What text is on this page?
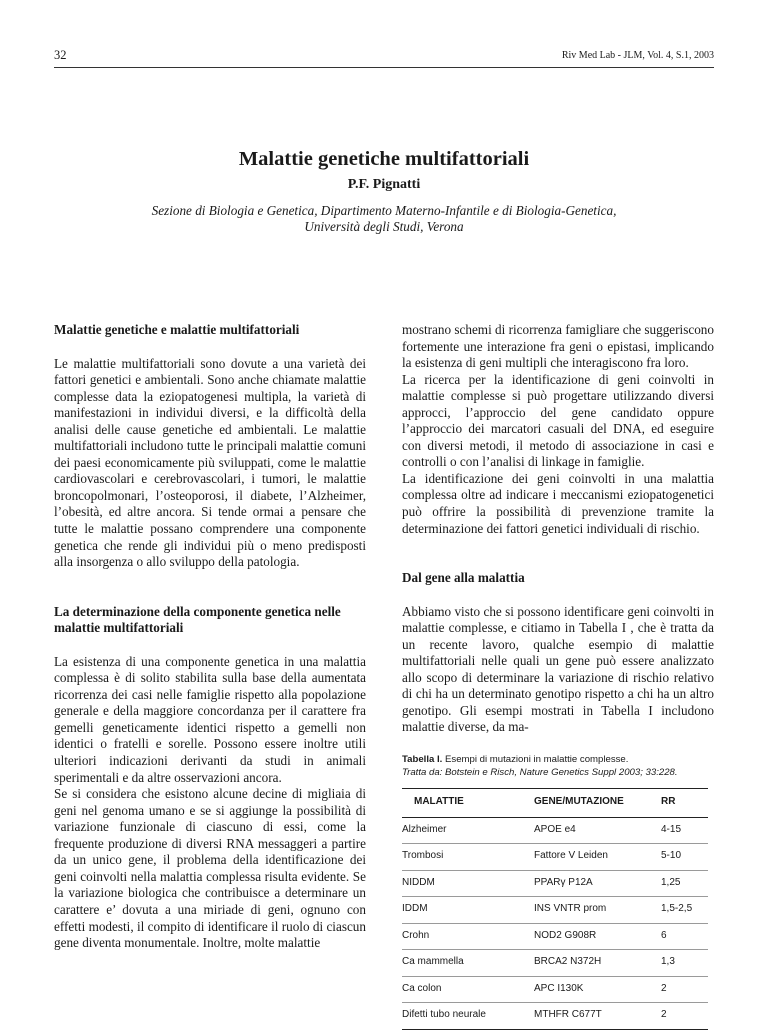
32	Riv Med Lab - JLM, Vol. 4, S.1, 2003
Malattie genetiche multifattoriali
P.F. Pignatti
Sezione di Biologia e Genetica, Dipartimento Materno-Infantile e di Biologia-Genetica,
Università degli Studi, Verona
Malattie genetiche e malattie multifattoriali

Le malattie multifattoriali sono dovute a una varietà dei fattori genetici e ambientali. Sono anche chiamate malattie complesse data la eziopatogenesi multipla, la varietà di manifestazioni in individui diversi, e la difficoltà della analisi delle cause genetiche ed ambientali. Le malattie multifattoriali includono tutte le principali malattie comuni dei paesi economicamente più sviluppati, come le malattie cardiovascolari e cerebrovascolari, i tumori, le malattie broncopolmonari, l’osteoporosi, il diabete, l’Alzheimer, l’obesità, ed altre ancora. Si tende ormai a pensare che tutte le malattie possano comprendere una componente genetica che rende gli individui più o meno predisposti alla insorgenza o allo sviluppo della patologia.

La determinazione della componente genetica nelle malattie multifattoriali

La esistenza di una componente genetica in una malattia complessa è di solito stabilita sulla base della aumentata ricorrenza dei casi nelle famiglie rispetto alla popolazione generale e della maggiore concordanza per il carattere fra gemelli geneticamente identici rispetto a gemelli non identici o fratelli e sorelle. Possono essere inoltre utili ulteriori indicazioni derivanti da studi in animali sperimentali e da altre osservazioni ancora.

Se si considera che esistono alcune decine di migliaia di geni nel genoma umano e se si aggiunge la possibilità di variazione funzionale di ciascuno di essi, come la frequente produzione di diversi RNA messaggeri a partire da un unico gene, il problema della identificazione dei geni coinvolti nella malattia complessa risulta evidente. Se la variazione biologica che contribuisce a determinare un carattere e’ dovuta a una miriade di geni, ognuno con effetti modesti, il compito di identificare il ruolo di ciascun gene diventa monumentale. Inoltre, molte malattie

mostrano schemi di ricorrenza famigliare che suggeriscono fortemente une interazione fra geni o epistasi, implicando la esistenza di geni multipli che interagiscono fra loro.

La ricerca per la identificazione di geni coinvolti in malattie complesse si può progettare utilizzando diversi approcci, l’approccio del gene candidato oppure l’approccio dei marcatori casuali del DNA, ed eseguire con diversi metodi, il metodo di associazione in casi e controlli o con l’analisi di linkage in famiglie.

La identificazione dei geni coinvolti in una malattia complessa oltre ad indicare i meccanismi eziopatogenetici può offrire la possibilità di prevenzione tramite la determinazione dei fattori genetici individuali di rischio.

Dal gene alla malattia

Abbiamo visto che si possono identificare geni coinvolti in malattie complesse, e citiamo in Tabella I , che è tratta da un recente lavoro, qualche esempio di malattie multifattoriali nelle quali un gene può essere analizzato allo scopo di determinare la variazione di rischio relativo di chi ha un determinato genotipo rispetto a chi ha un altro genotipo. Gli esempi mostrati in Tabella I includono malattie diverse, da ma-

Tabella I. Esempi di mutazioni in malattie complesse.
Tratta da: Botstein e Risch, Nature Genetics Suppl 2003; 33:228.
MALATTIE	GENE/MUTAZIONE	RR
Alzheimer	APOE e4	4-15
Trombosi	Fattore V Leiden	5-10
NIDDM	PPARγ P12A	1,25
IDDM	INS VNTR prom	1,5-2,5
Crohn	NOD2 G908R	6
Ca mammella	BRCA2 N372H	1,3
Ca colon	APC I130K	2
Difetti tubo neurale	MTHFR C677T	2
